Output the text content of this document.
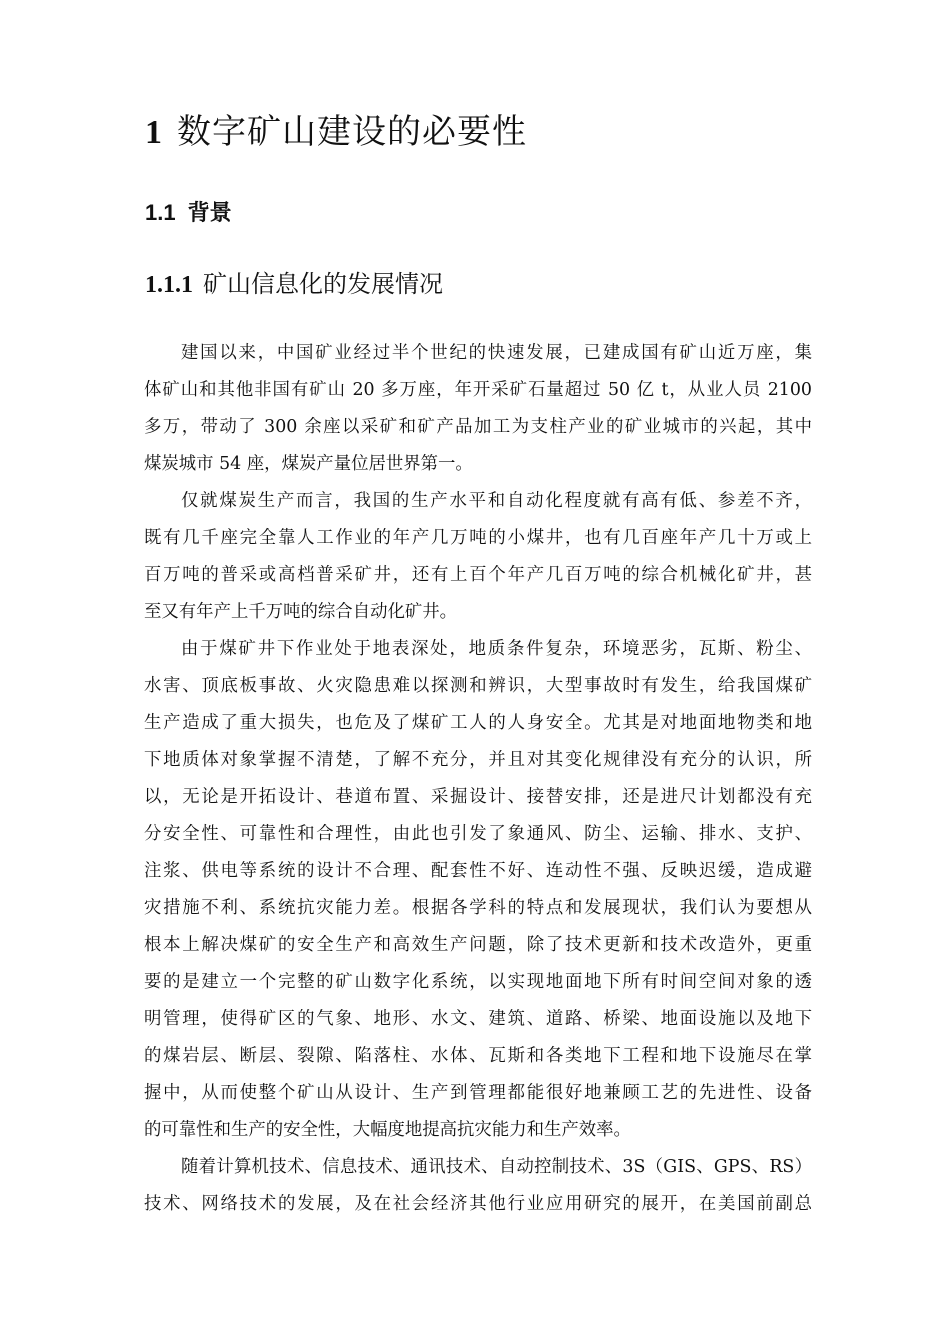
1 数字矿山建设的必要性
1.1 背景
1.1.1 矿山信息化的发展情况
建国以来，中国矿业经过半个世纪的快速发展，已建成国有矿山近万座，集
体矿山和其他非国有矿山 20 多万座，年开采矿石量超过 50 亿 t，从业人员 2100
多万，带动了 300 余座以采矿和矿产品加工为支柱产业的矿业城市的兴起，其中
煤炭城市 54 座，煤炭产量位居世界第一。
仅就煤炭生产而言，我国的生产水平和自动化程度就有高有低、参差不齐，
既有几千座完全靠人工作业的年产几万吨的小煤井，也有几百座年产几十万或上
百万吨的普采或高档普采矿井，还有上百个年产几百万吨的综合机械化矿井，甚
至又有年产上千万吨的综合自动化矿井。
由于煤矿井下作业处于地表深处，地质条件复杂，环境恶劣，瓦斯、粉尘、
水害、顶底板事故、火灾隐患难以探测和辨识，大型事故时有发生，给我国煤矿
生产造成了重大损失，也危及了煤矿工人的人身安全。尤其是对地面地物类和地
下地质体对象掌握不清楚，了解不充分，并且对其变化规律没有充分的认识，所
以，无论是开拓设计、巷道布置、采掘设计、接替安排，还是进尺计划都没有充
分安全性、可靠性和合理性，由此也引发了象通风、防尘、运输、排水、支护、
注浆、供电等系统的设计不合理、配套性不好、连动性不强、反映迟缓，造成避
灾措施不利、系统抗灾能力差。根据各学科的特点和发展现状，我们认为要想从
根本上解决煤矿的安全生产和高效生产问题，除了技术更新和技术改造外，更重
要的是建立一个完整的矿山数字化系统，以实现地面地下所有时间空间对象的透
明管理，使得矿区的气象、地形、水文、建筑、道路、桥梁、地面设施以及地下
的煤岩层、断层、裂隙、陷落柱、水体、瓦斯和各类地下工程和地下设施尽在掌
握中，从而使整个矿山从设计、生产到管理都能很好地兼顾工艺的先进性、设备
的可靠性和生产的安全性，大幅度地提高抗灾能力和生产效率。
随着计算机技术、信息技术、通讯技术、自动控制技术、3S（GIS、GPS、RS）
技术、网络技术的发展，及在社会经济其他行业应用研究的展开，在美国前副总
